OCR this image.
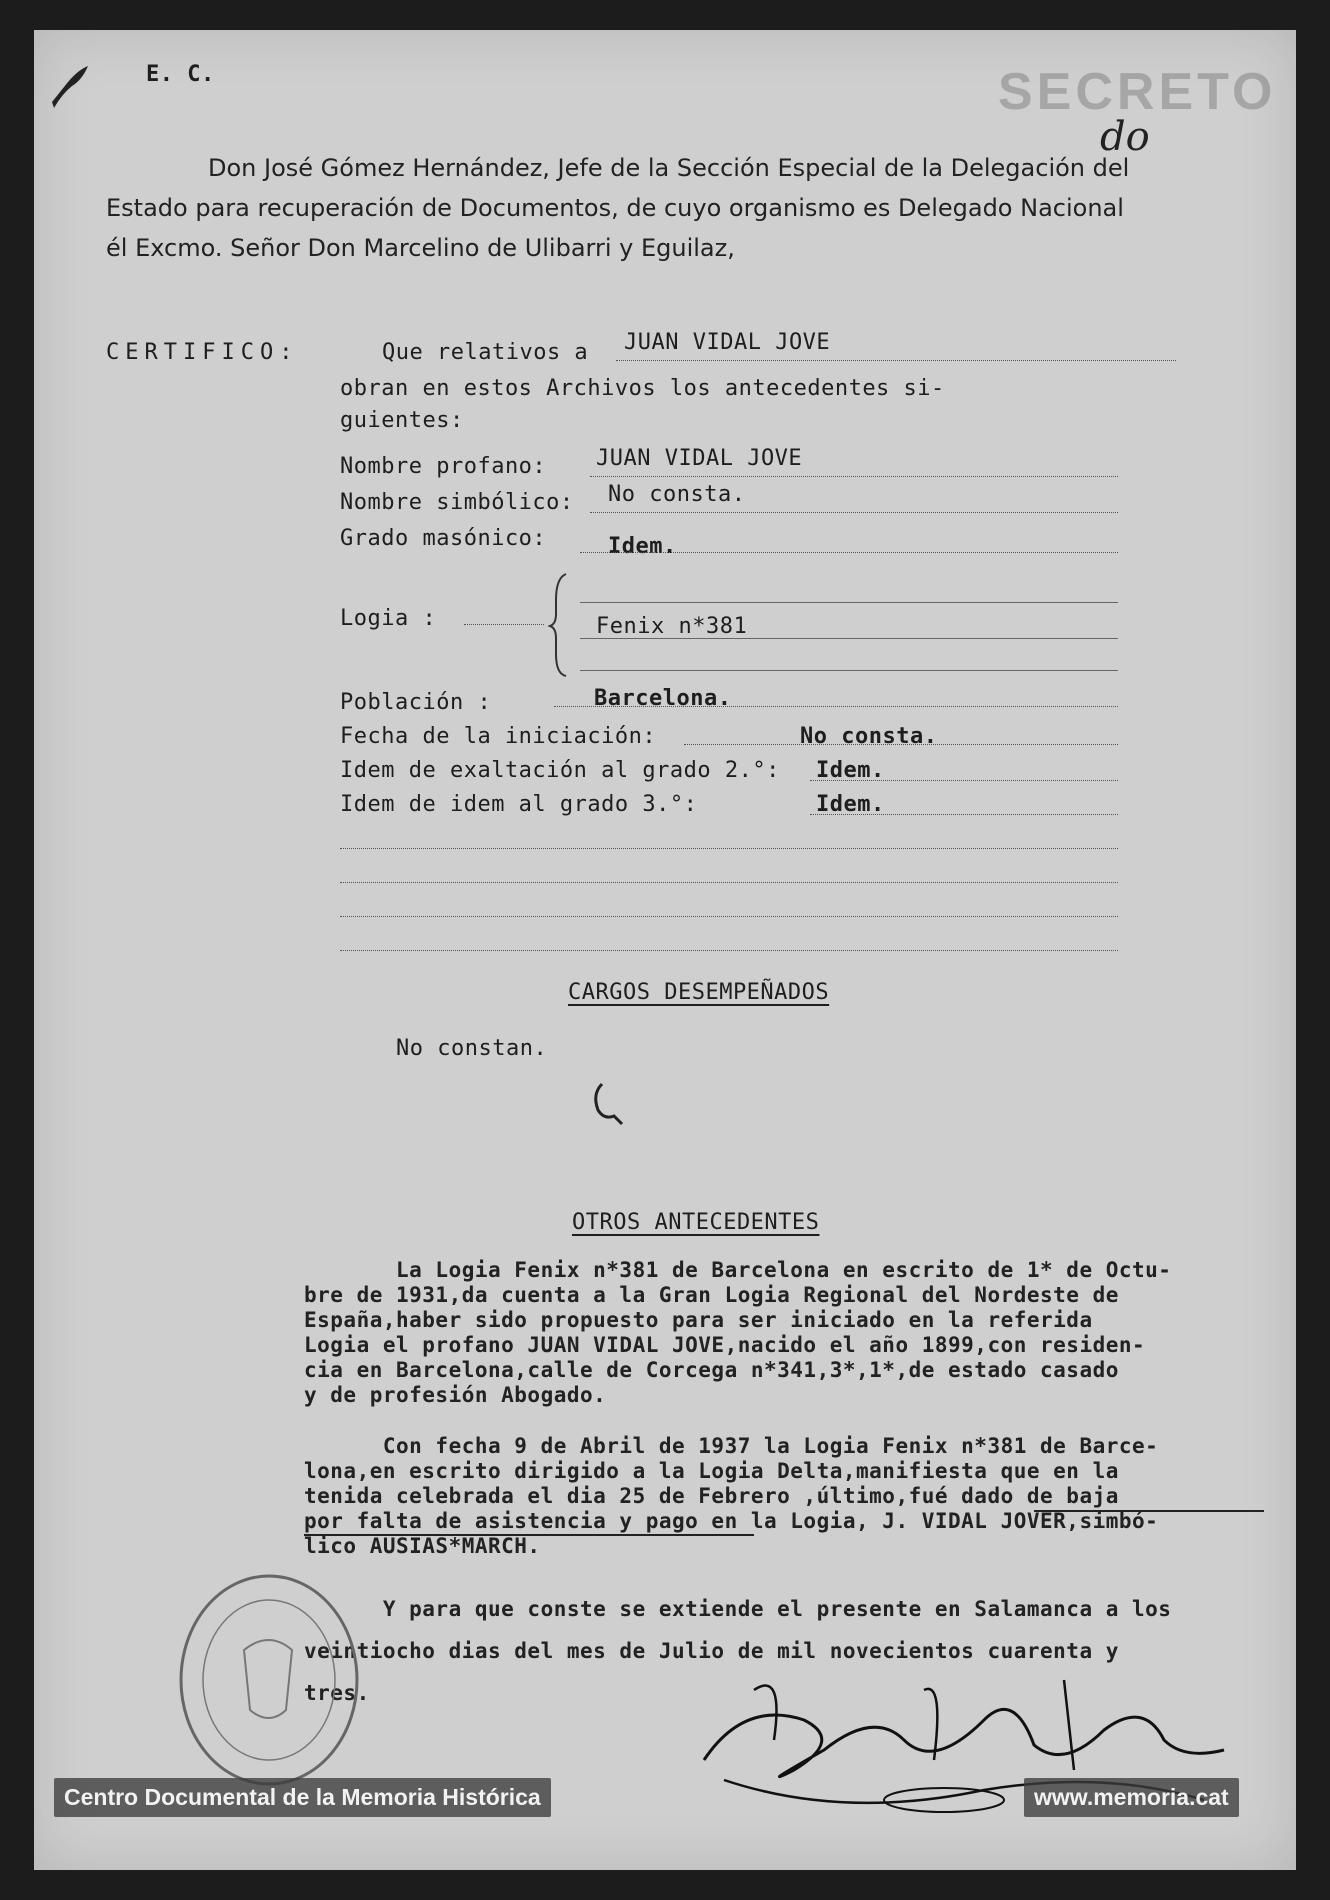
E. C.	SECRETO
do
Don José Gómez Hernández, Jefe de la Sección Especial de la Delegación del
Estado para recuperación de Documentos, de cuyo organismo es Delegado Nacional
él Excmo. Señor Don Marcelino de Ulibarri y Eguilaz,
CERTIFICO:	Que relativos a JUAN VIDAL JOVE
obran en estos Archivos los antecedentes si-
guientes:
Nombre profano: JUAN VIDAL JOVE
Nombre simbólico: No consta.
Grado masónico:	Idem.
Logia :	Fenix n*381
Población :	Barcelona.
Fecha de la iniciación:	No consta.
Idem de exaltación al grado 2.°: Idem.
Idem de idem al grado 3.°:	Idem.
CARGOS DESEMPEÑADOS
No constan.
OTROS ANTECEDENTES
La Logia Fenix n*381 de Barcelona en escrito de 1* de Octu-
bre de 1931,da cuenta a la Gran Logia Regional del Nordeste de
España,haber sido propuesto para ser iniciado en la referida
Logia el profano JUAN VIDAL JOVE,nacido el año 1899,con residen-
cia en Barcelona,calle de Corcega n*341,3*,1*,de estado casado
y de profesión Abogado.
Con fecha 9 de Abril de 1937 la Logia Fenix n*381 de Barce-
lona,en escrito dirigido a la Logia Delta,manifiesta que en la
tenida celebrada el dia 25 de Febrero ,último,fué dado de baja
por falta de asistencia y pago en la Logia, J. VIDAL JOVER,simbó-
lico AUSIAS*MARCH.
Y para que conste se extiende el presente en Salamanca a los
veintiocho dias del mes de Julio de mil novecientos cuarenta y
tres.
Centro Documental de la Memoria Histórica	www.memoria.cat
